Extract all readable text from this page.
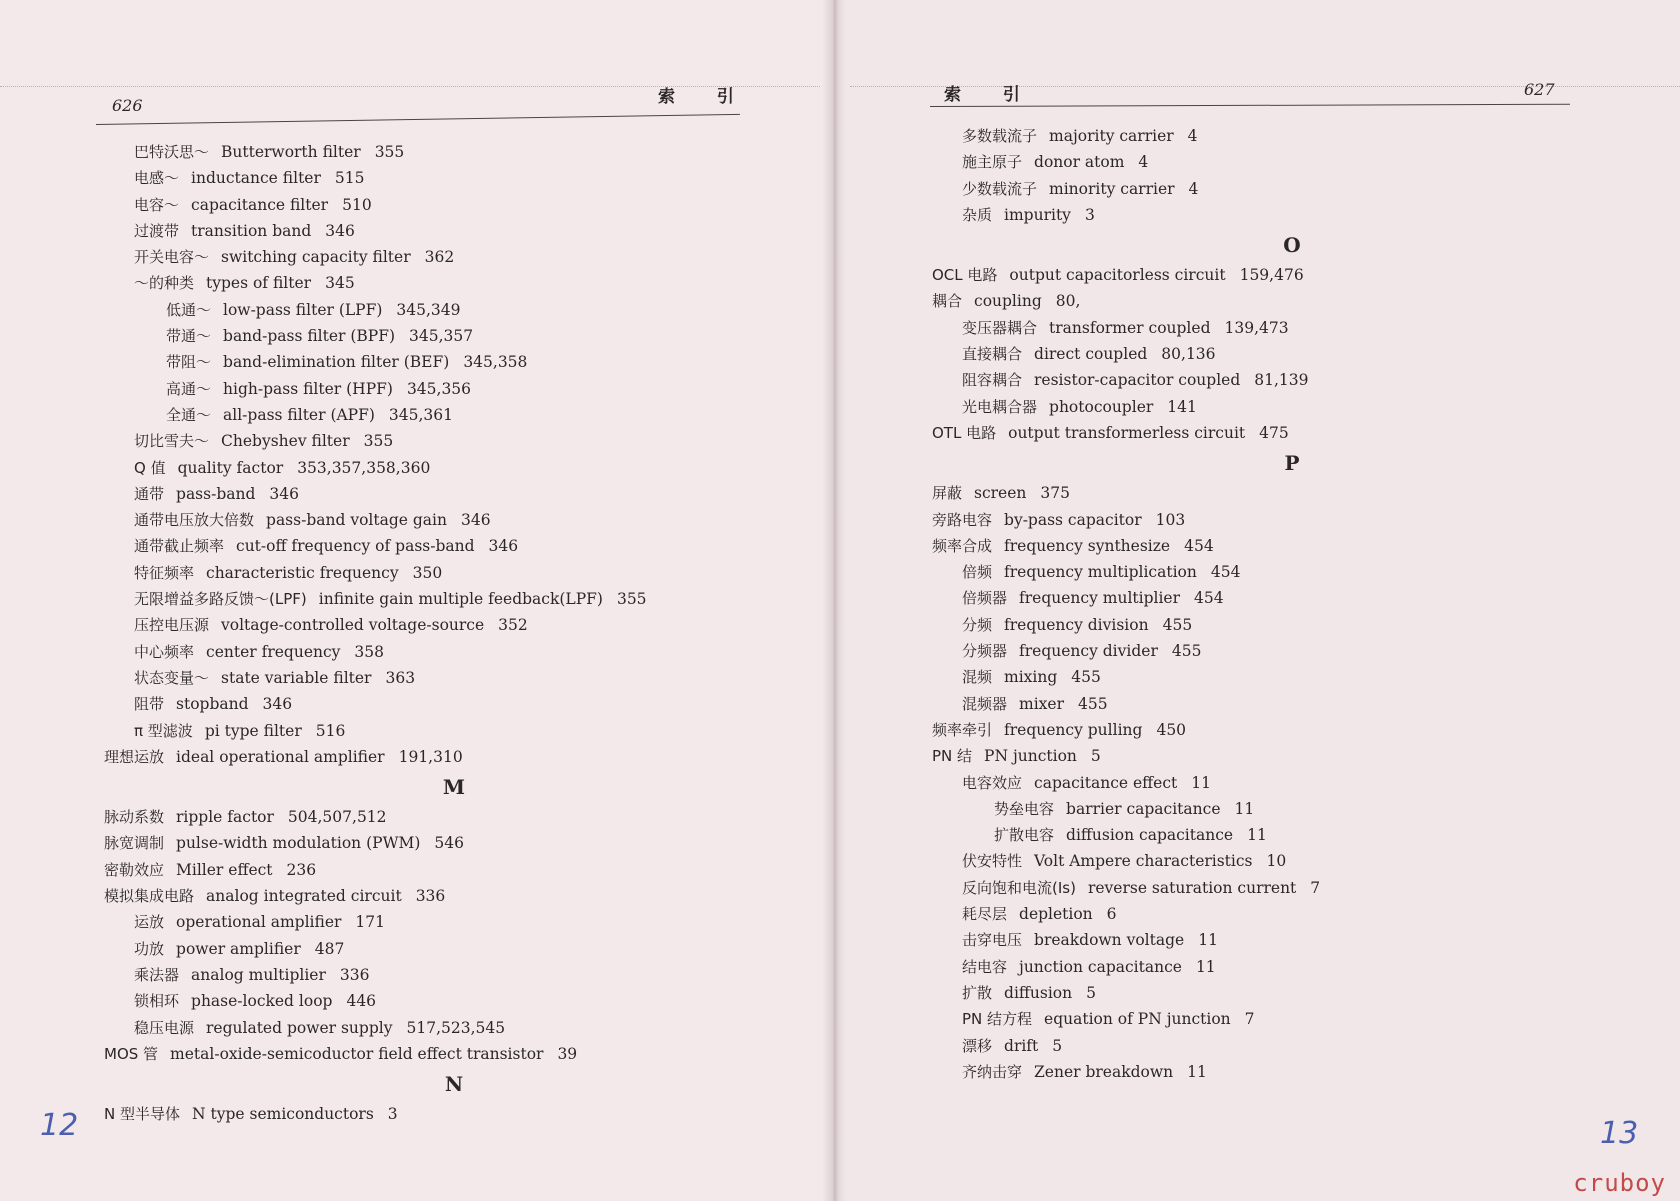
626	索 引	索 引	627
巴特沃思～ Butterworth filter 355
电感～ inductance filter 515
电容～ capacitance filter 510
过渡带 transition band 346
开关电容～ switching capacity filter 362
～的种类 types of filter 345
低通～ low-pass filter (LPF) 345,349
带通～ band-pass filter (BPF) 345,357
带阻～ band-elimination filter (BEF) 345,358
高通～ high-pass filter (HPF) 345,356
全通～ all-pass filter (APF) 345,361
切比雪夫～ Chebyshev filter 355
Q 值 quality factor 353,357,358,360
通带 pass-band 346
通带电压放大倍数 pass-band voltage gain 346
通带截止频率 cut-off frequency of pass-band 346
特征频率 characteristic frequency 350
无限增益多路反馈～(LPF) infinite gain multiple feedback(LPF) 355
压控电压源 voltage-controlled voltage-source 352
中心频率 center frequency 358
状态变量～ state variable filter 363
阻带 stopband 346
π 型滤波 pi type filter 516
理想运放 ideal operational amplifier 191,310
M
脉动系数 ripple factor 504,507,512
脉宽调制 pulse-width modulation (PWM) 546
密勒效应 Miller effect 236
模拟集成电路 analog integrated circuit 336
运放 operational amplifier 171
功放 power amplifier 487
乘法器 analog multiplier 336
锁相环 phase-locked loop 446
稳压电源 regulated power supply 517,523,545
MOS 管 metal-oxide-semicoductor field effect transistor 39
N
N 型半导体 N type semiconductors 3
多数载流子 majority carrier 4
施主原子 donor atom 4
少数载流子 minority carrier 4
杂质 impurity 3
O
OCL 电路 output capacitorless circuit 159,476
耦合 coupling 80,
变压器耦合 transformer coupled 139,473
直接耦合 direct coupled 80,136
阻容耦合 resistor-capacitor coupled 81,139
光电耦合器 photocoupler 141
OTL 电路 output transformerless circuit 475
P
屏蔽 screen 375
旁路电容 by-pass capacitor 103
频率合成 frequency synthesize 454
倍频 frequency multiplication 454
倍频器 frequency multiplier 454
分频 frequency division 455
分频器 frequency divider 455
混频 mixing 455
混频器 mixer 455
频率牵引 frequency pulling 450
PN 结 PN junction 5
电容效应 capacitance effect 11
势垒电容 barrier capacitance 11
扩散电容 diffusion capacitance 11
伏安特性 Volt Ampere characteristics 10
反向饱和电流(Is) reverse saturation current 7
耗尽层 depletion 6
击穿电压 breakdown voltage 11
结电容 junction capacitance 11
扩散 diffusion 5
PN 结方程 equation of PN junction 7
漂移 drift 5
齐纳击穿 Zener breakdown 11
12	13
cruboy
